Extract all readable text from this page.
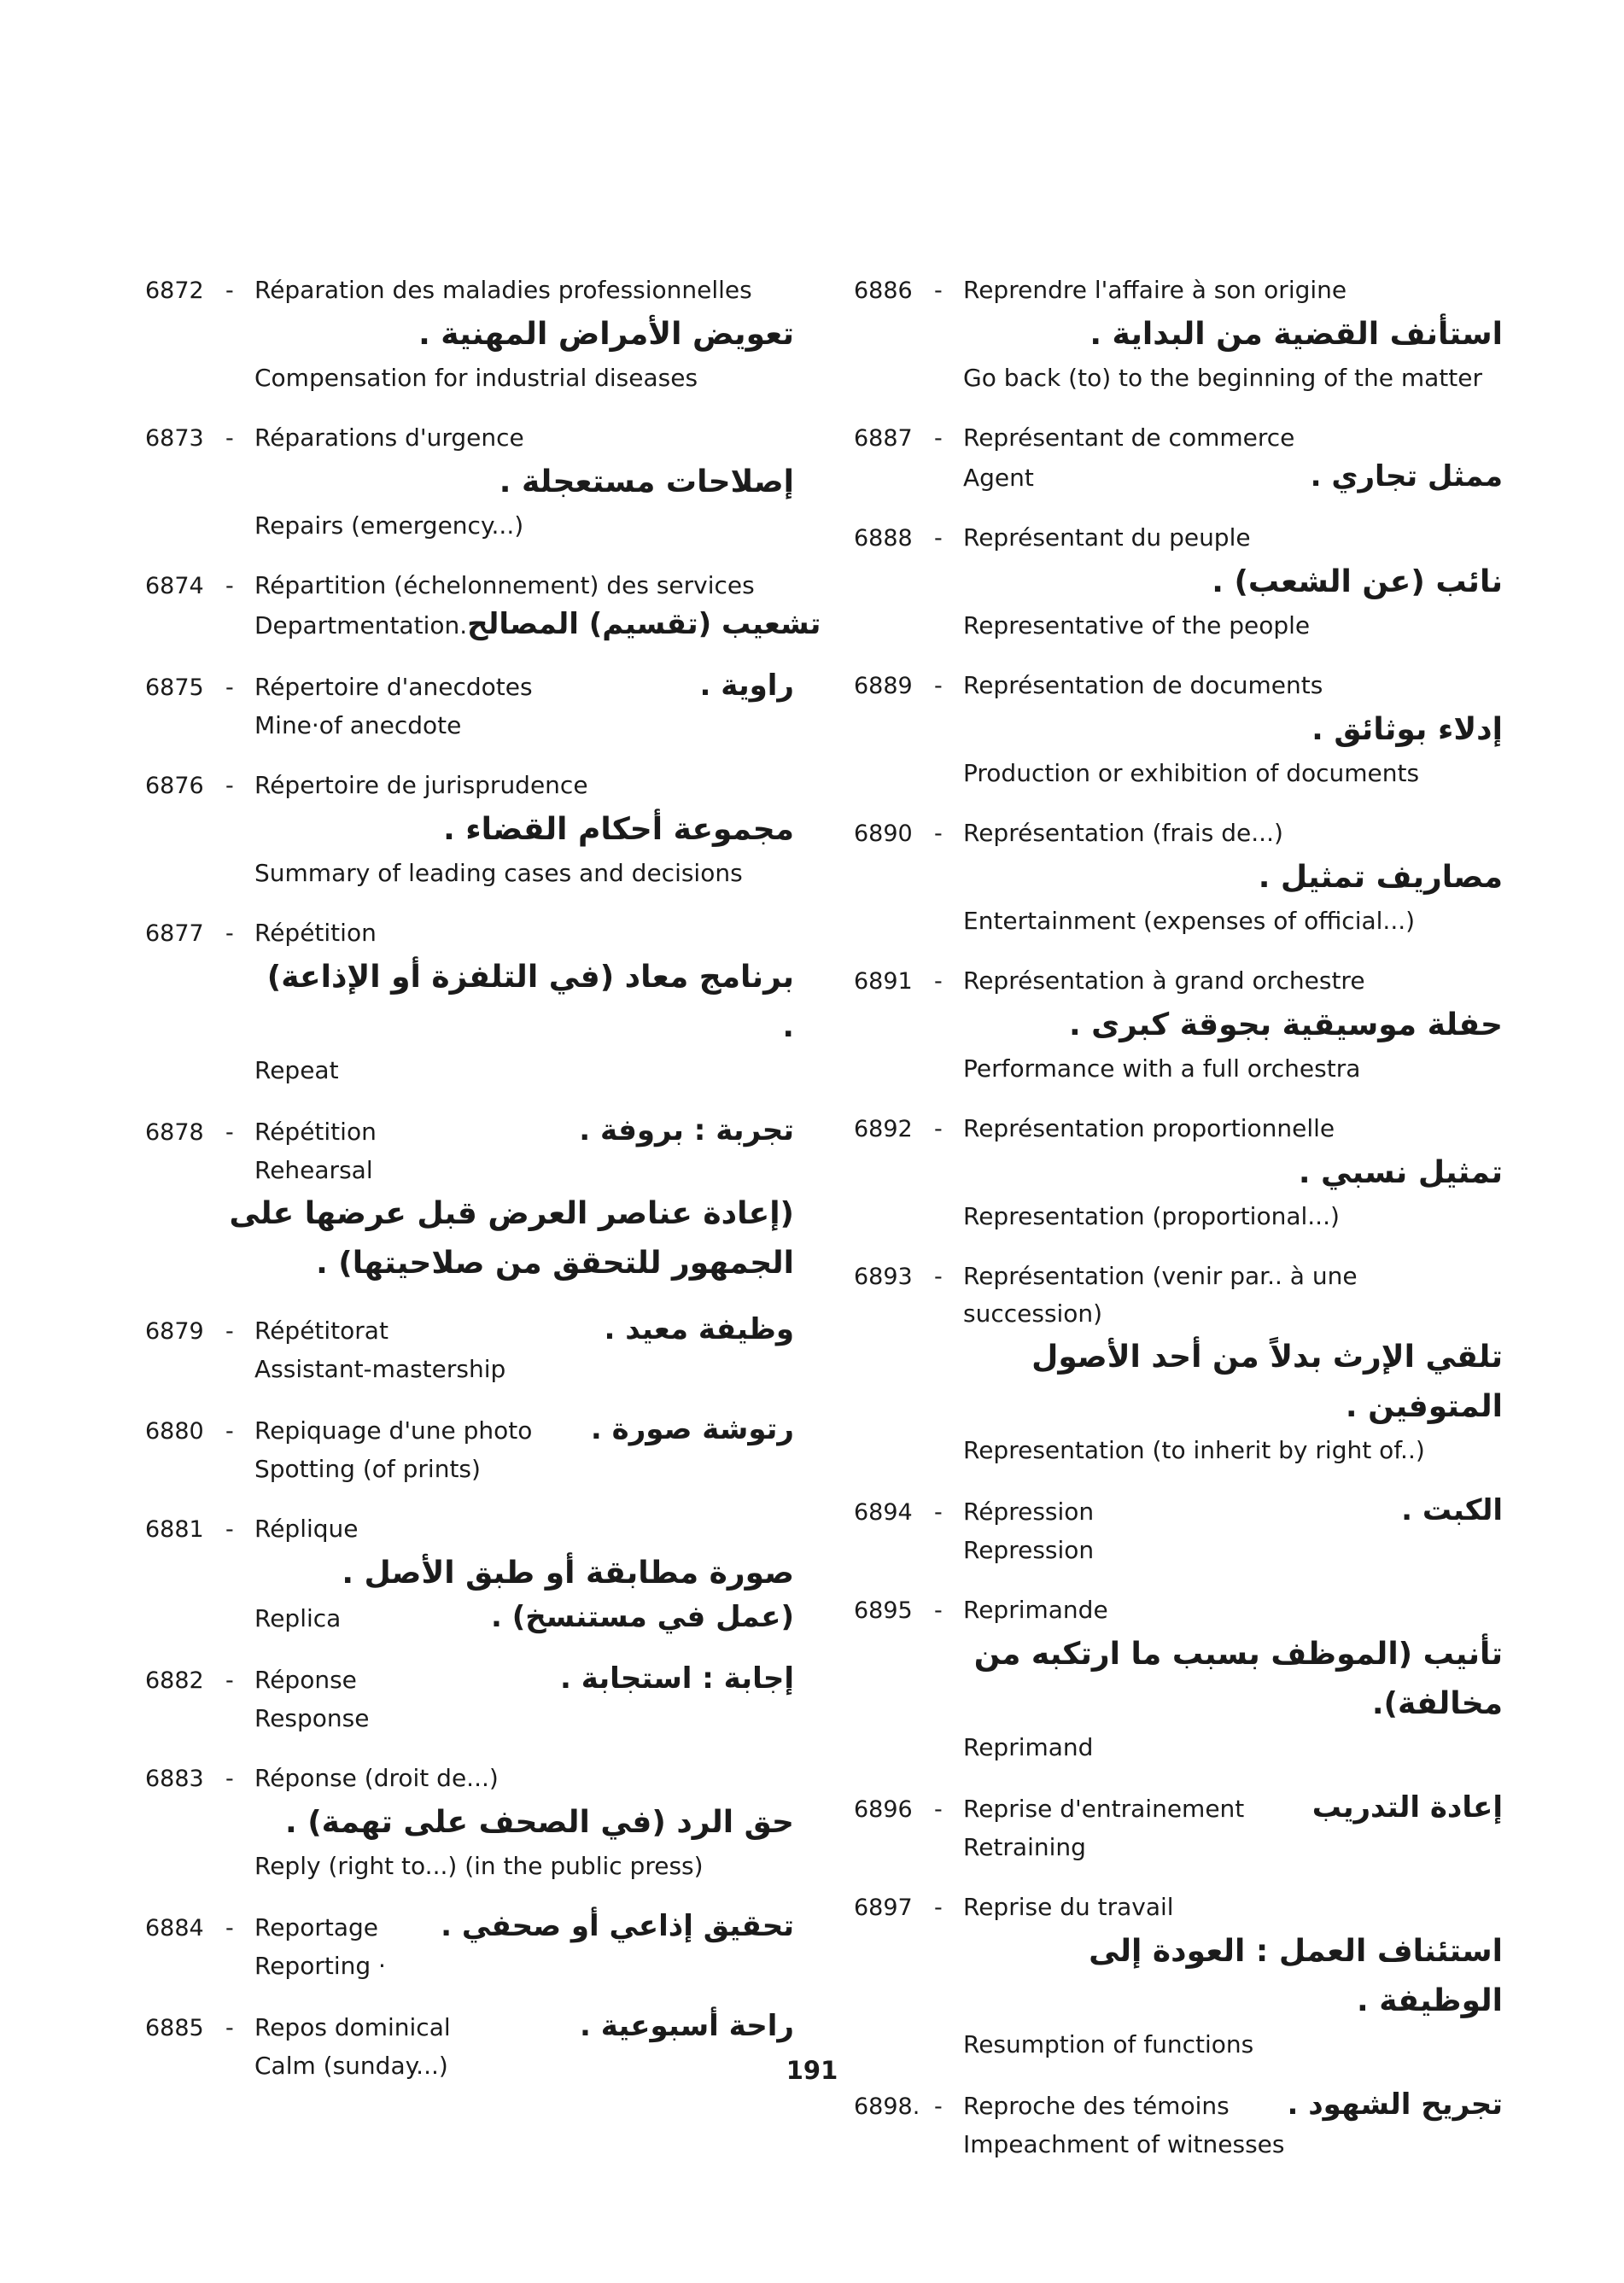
6872 - Réparation des maladies professionnelles
تعويض الأمراض المهنية .
Compensation for industrial diseases
6873 - Réparations d'urgence
إصلاحات مستعجلة .
Repairs (emergency...)
6874 - Répartition (échelonnement) des services
Departmentation. تشعيب (تقسيم) المصالح
6875 - Répertoire d'anecdotes	راوية .
Mine·of anecdote
6876 - Répertoire de jurisprudence
مجموعة أحكام القضاء .
Summary of leading cases and decisions
6877 - Répétition
برنامج معاد (في التلفزة أو الإذاعة) .
Repeat
6878 - Répétition	تجربة : بروفة .
Rehearsal
(إعادة عناصر العرض قبل عرضها على الجمهور للتحقق من صلاحيتها) .
6879 - Répétitorat	وظيفة معيد .
Assistant-mastership
6880 - Repiquage d'une photo رتوشة صورة .
Spotting (of prints)
6881 - Réplique
صورة مطابقة أو طبق الأصل .
Replica	(عمل في مستنسخ) .
6882 - Réponse	إجابة : استجابة .
Response
6883 - Réponse (droit de...)
حق الرد (في الصحف على تهمة) .
Reply (right to...) (in the public press)
6884 - Reportage تحقيق إذاعي أو صحفي .
Reporting ·
6885 - Repos dominical	راحة أسبوعية .
Calm (sunday...)
6886 - Reprendre l'affaire à son origine
استأنف القضية من البداية .
Go back (to) to the beginning of the matter
6887 - Représentant de commerce
Agent	ممثل تجاري .
6888 - Représentant du peuple
نائب (عن الشعب) .
Representative of the people
6889 - Représentation de documents
إدلاء بوثائق .
Production or exhibition of documents
6890 - Représentation (frais de...)
مصاريف تمثيل .
Entertainment (expenses of official...)
6891 - Représentation à grand orchestre
حفلة موسيقية بجوقة كبرى .
Performance with a full orchestra
6892 - Représentation proportionnelle
تمثيل نسبي .
Representation (proportional...)
6893 - Représentation (venir par.. à une succession)
تلقي الإرث بدلاً من أحد الأصول المتوفين .
Representation (to inherit by right of..)
6894 - Répression	الكبت .
Repression
6895 - Reprimande
تأنيب (الموظف بسبب ما ارتكبه من مخالفة).
Reprimand
6896 - Reprise d'entrainement إعادة التدريب
Retraining
6897 - Reprise du travail
استئناف العمل : العودة إلى الوظيفة .
Resumption of functions
6898. - Reproche des témoins تجريح الشهود .
Impeachment of witnesses
191
